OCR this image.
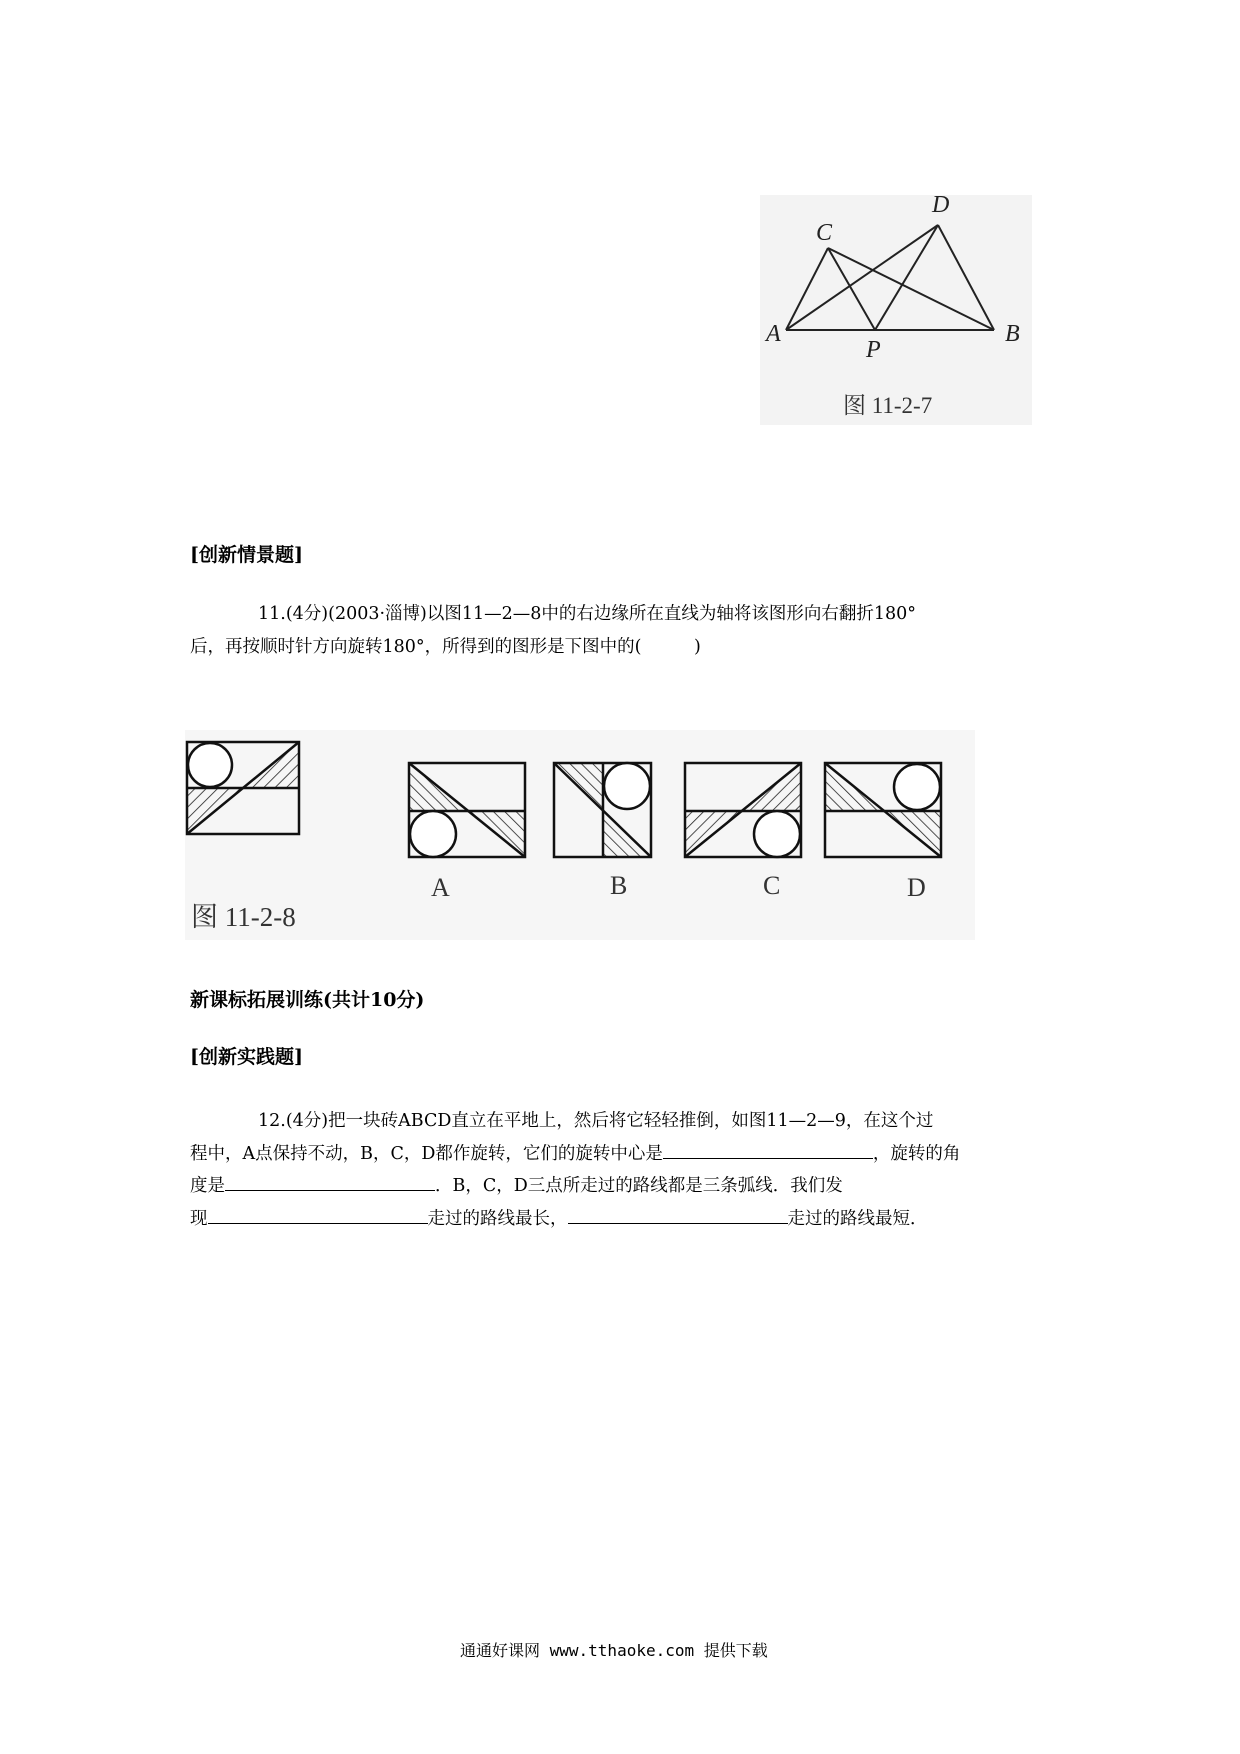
C
D
A	B
P
图 11-2-7
[创新情景题]
11.(4分)(2003·淄博)以图11—2—8中的右边缘所在直线为轴将该图形向右翻折180°
后，再按顺时针方向旋转180°，所得到的图形是下图中的(　　　)
A	B	C	D
图 11-2-8
新课标拓展训练(共计10分)
[创新实践题]
12.(4分)把一块砖ABCD直立在平地上，然后将它轻轻推倒，如图11—2—9，在这个过
程中，A点保持不动，B，C，D都作旋转，它们的旋转中心是	，旋转的角
度是	．B，C，D三点所走过的路线都是三条弧线．我们发
现	走过的路线最长，	走过的路线最短．
通通好课网 www.tthaoke.com 提供下载
